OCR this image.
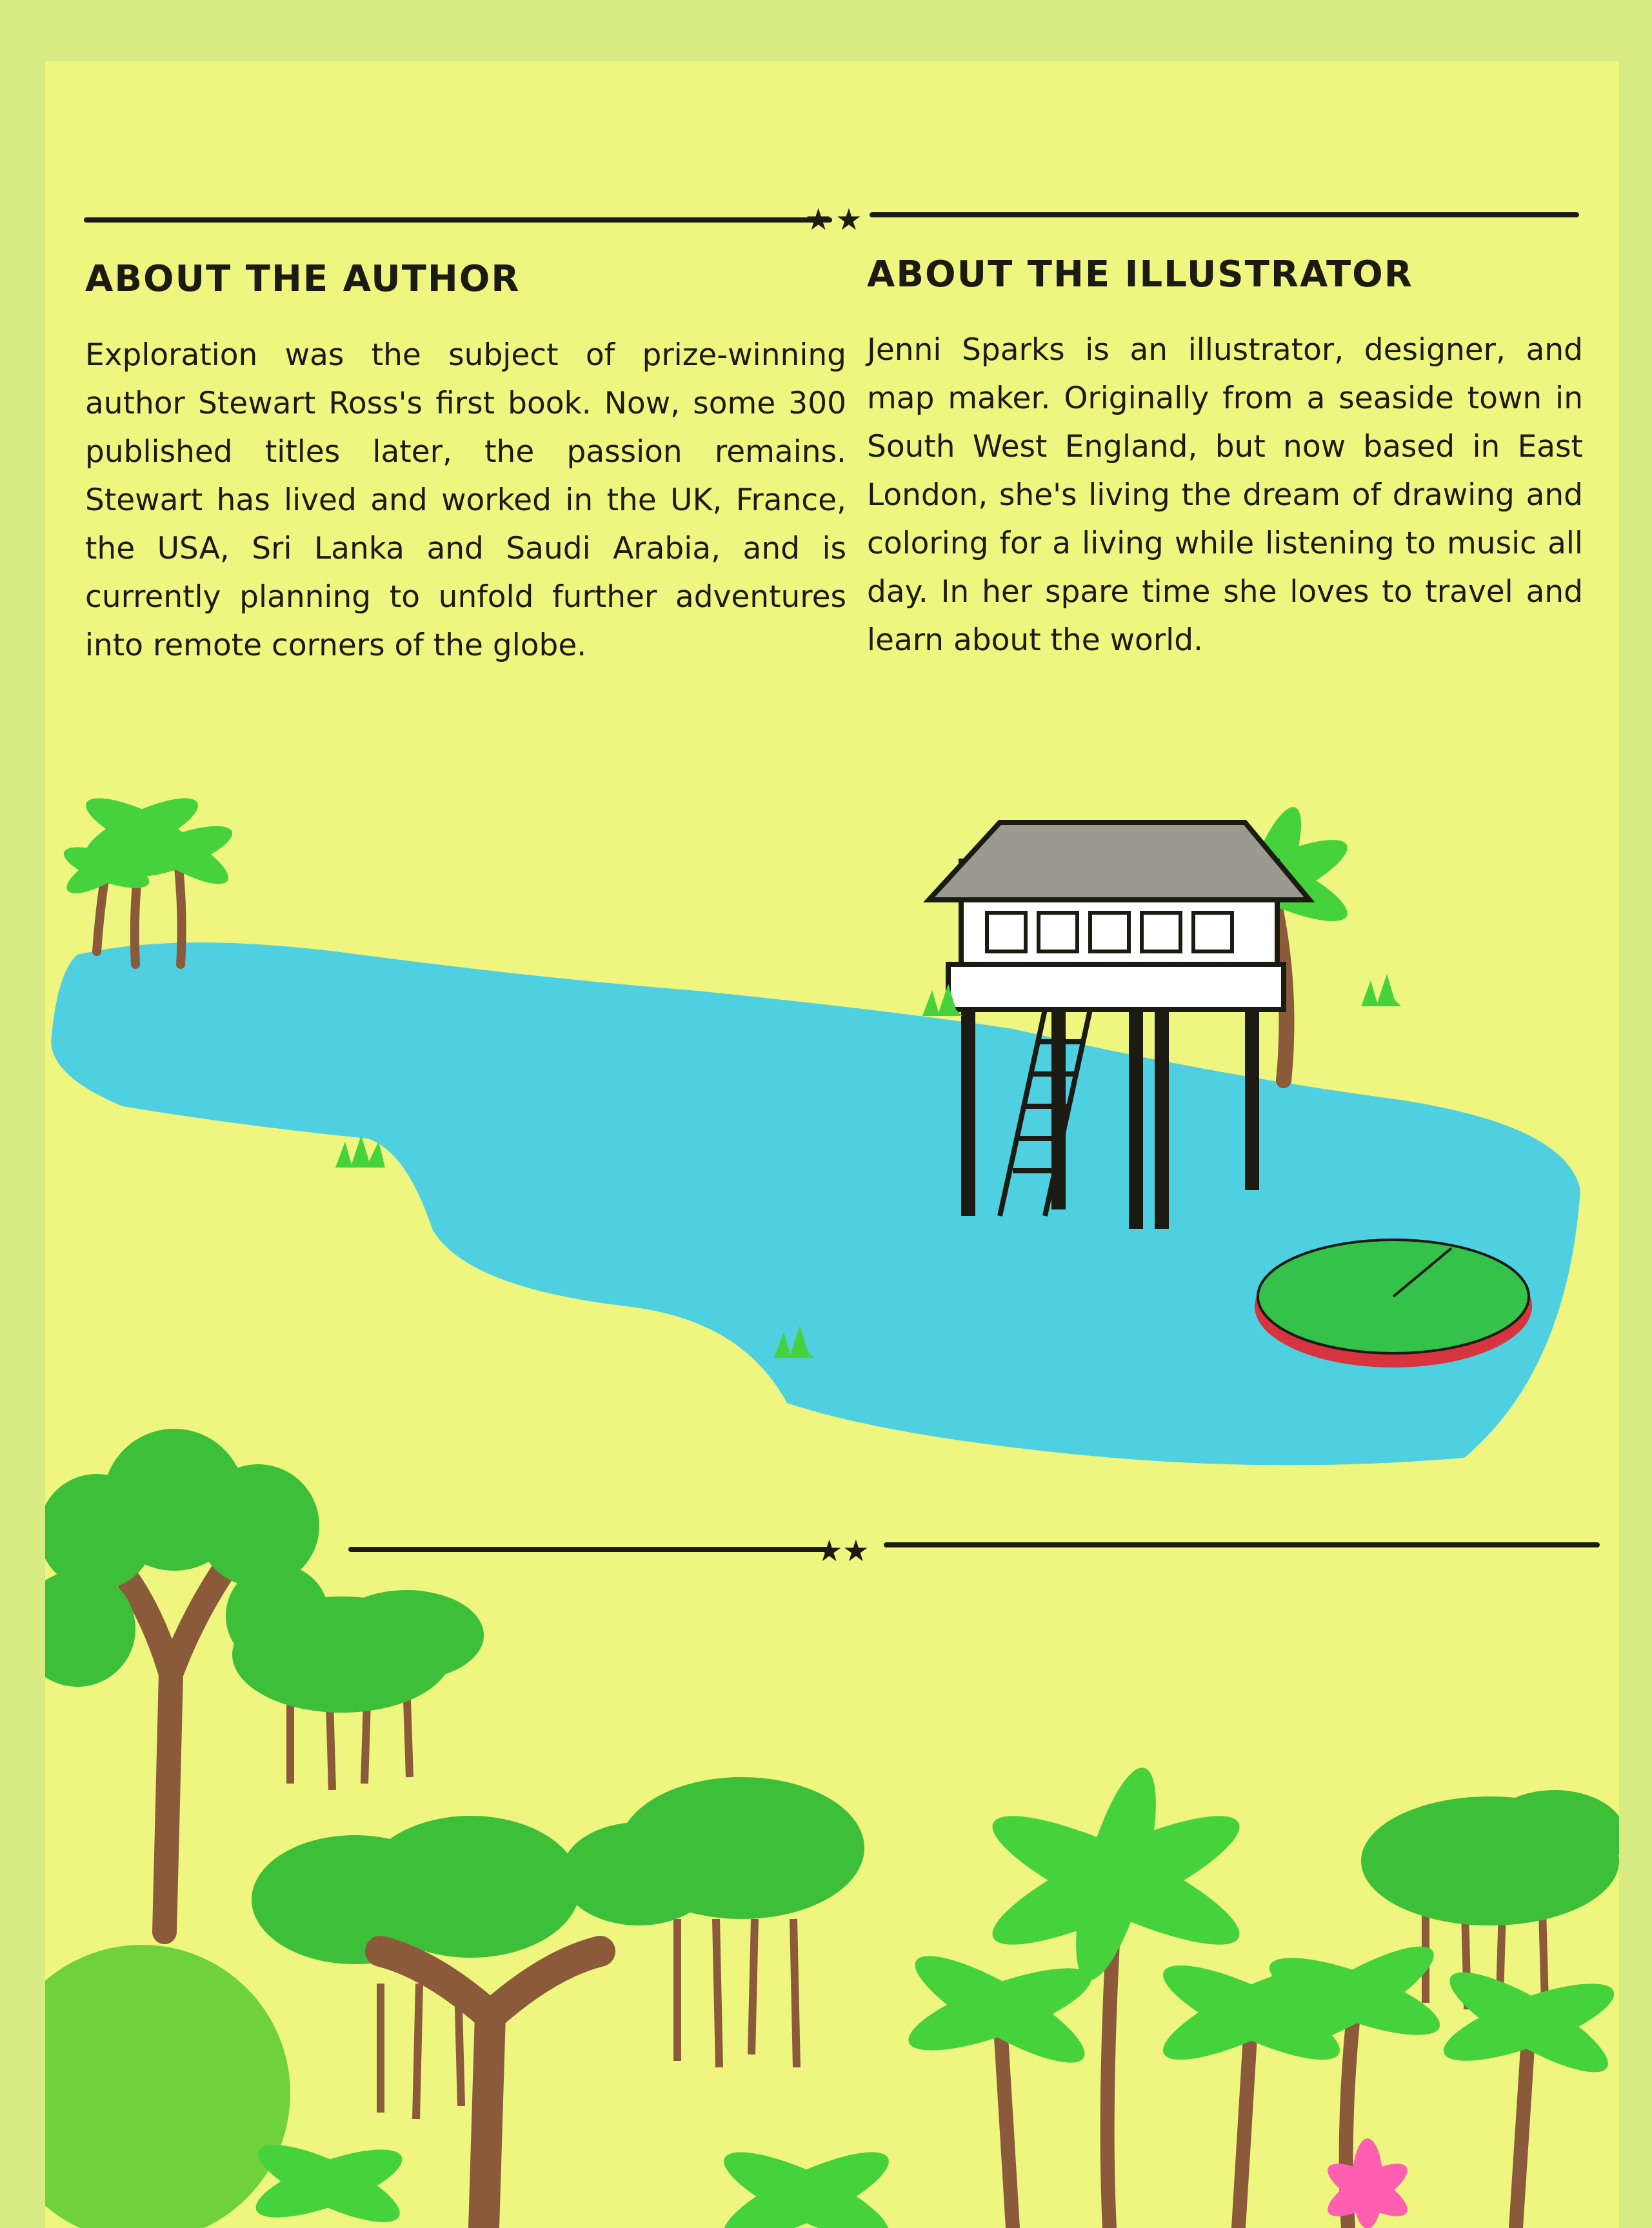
★★
ABOUT THE AUTHOR

Exploration was the subject of prize-winning author Stewart Ross's first book. Now, some 300 published titles later, the passion remains. Stewart has lived and worked in the UK, France, the USA, Sri Lanka and Saudi Arabia, and is currently planning to unfold further adventures into remote corners of the globe.

ABOUT THE ILLUSTRATOR

Jenni Sparks is an illustrator, designer, and map maker. Originally from a seaside town in South West England, but now based in East London, she's living the dream of drawing and coloring for a living while listening to music all day. In her spare time she loves to travel and learn about the world.

★★
